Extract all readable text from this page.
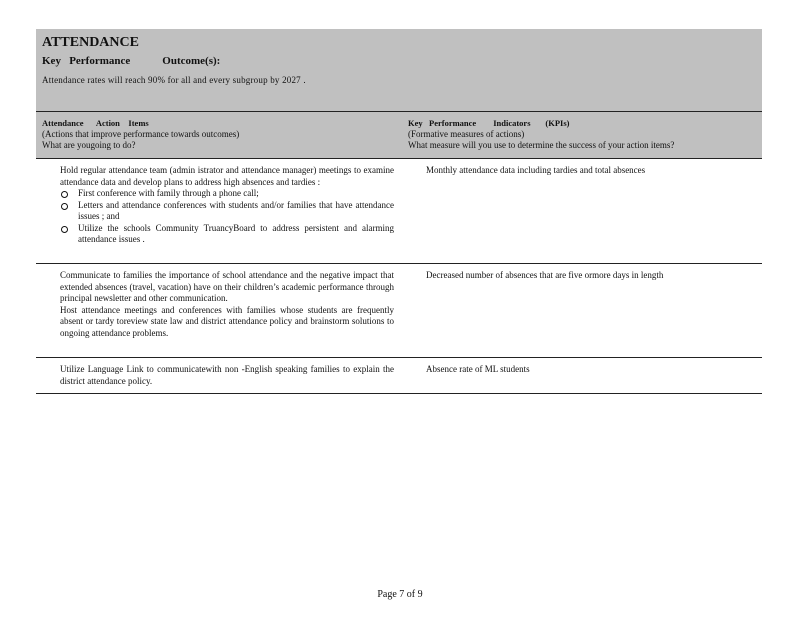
ATTENDANCE
Key   Performance	Outcome(s):
Attendance rates will reach 90% for all and every subgroup by 2027 .
Attendance      Action    Items
(Actions that improve performance towards outcomes)
What are yougoing to do?
Key   Performance        Indicators       (KPIs)
(Formative measures of actions)
What measure will you use to determine the success of your action items?
Hold regular attendance team (admin istrator and attendance manager) meetings to examine attendance data and develop plans to address high absences and tardies :
First conference with family through a phone call;
Letters and attendance conferences with students and/or families that have attendance issues ; and
Utilize the schools Community TruancyBoard to address persistent and alarming attendance issues .
Monthly attendance data including tardies and total absences
Communicate to families the importance of school attendance and the negative impact that extended absences (travel, vacation) have on their children’s academic performance through principal newsletter and other communication.
Host attendance meetings and conferences with families whose students are frequently absent or tardy toreview state law and district attendance policy and brainstorm solutions to ongoing attendance problems.
Decreased number of absences that are five ormore days in length
Utilize Language Link to communicatewith non -English speaking families to explain the district attendance policy.
Absence rate of ML students
Page 7 of 9
